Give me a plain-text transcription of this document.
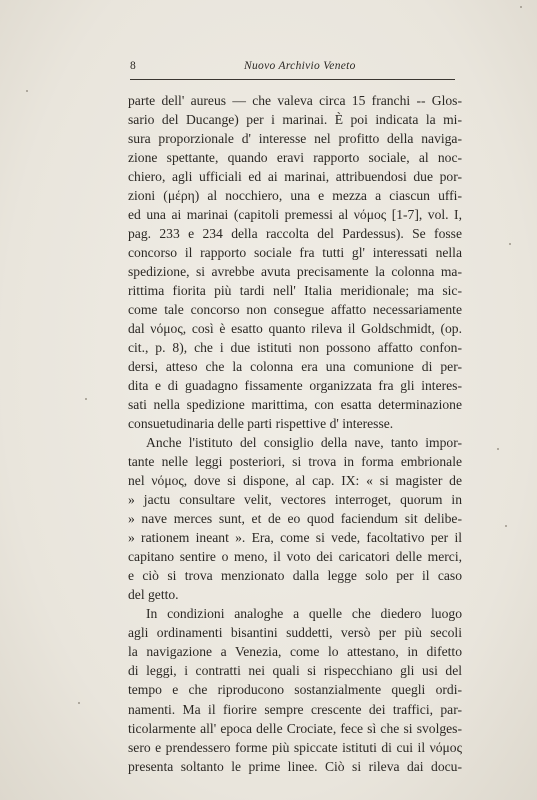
8	Nuovo Archivio Veneto
parte dell' aureus — che valeva circa 15 franchi -- Glos-
sario del Ducange) per i marinai. È poi indicata la mi-
sura proporzionale d' interesse nel profitto della naviga-
zione spettante, quando eravi rapporto sociale, al noc-
chiero, agli ufficiali ed ai marinai, attribuendosi due por-
zioni (μέρη) al nocchiero, una e mezza a ciascun uffi-
ed una ai marinai (capitoli premessi al νόμος [1-7], vol. I,
pag. 233 e 234 della raccolta del Pardessus). Se fosse
concorso il rapporto sociale fra tutti gl' interessati nella
spedizione, si avrebbe avuta precisamente la colonna ma-
rittima fiorita più tardi nell' Italia meridionale; ma sic-
come tale concorso non consegue affatto necessariamente
dal νόμος, così è esatto quanto rileva il Goldschmidt, (op.
cit., p. 8), che i due istituti non possono affatto confon-
dersi, atteso che la colonna era una comunione di per-
dita e di guadagno fissamente organizzata fra gli interes-
sati nella spedizione marittima, con esatta determinazione
consuetudinaria delle parti rispettive d' interesse.
Anche l'istituto del consiglio della nave, tanto impor-
tante nelle leggi posteriori, si trova in forma embrionale
nel νόμος, dove si dispone, al cap. IX: « si magister de
» jactu consultare velit, vectores interroget, quorum in
» nave merces sunt, et de eo quod faciendum sit delibe-
» rationem ineant ». Era, come si vede, facoltativo per il
capitano sentire o meno, il voto dei caricatori delle merci,
e ciò si trova menzionato dalla legge solo per il caso
del getto.
In condizioni analoghe a quelle che diedero luogo
agli ordinamenti bisantini suddetti, versò per più secoli
la navigazione a Venezia, come lo attestano, in difetto
di leggi, i contratti nei quali si rispecchiano gli usi del
tempo e che riproducono sostanzialmente quegli ordi-
namenti. Ma il fiorire sempre crescente dei traffici, par-
ticolarmente all' epoca delle Crociate, fece sì che si svolges-
sero e prendessero forme più spiccate istituti di cui il νόμος
presenta soltanto le prime linee. Ciò si rileva dai docu-
